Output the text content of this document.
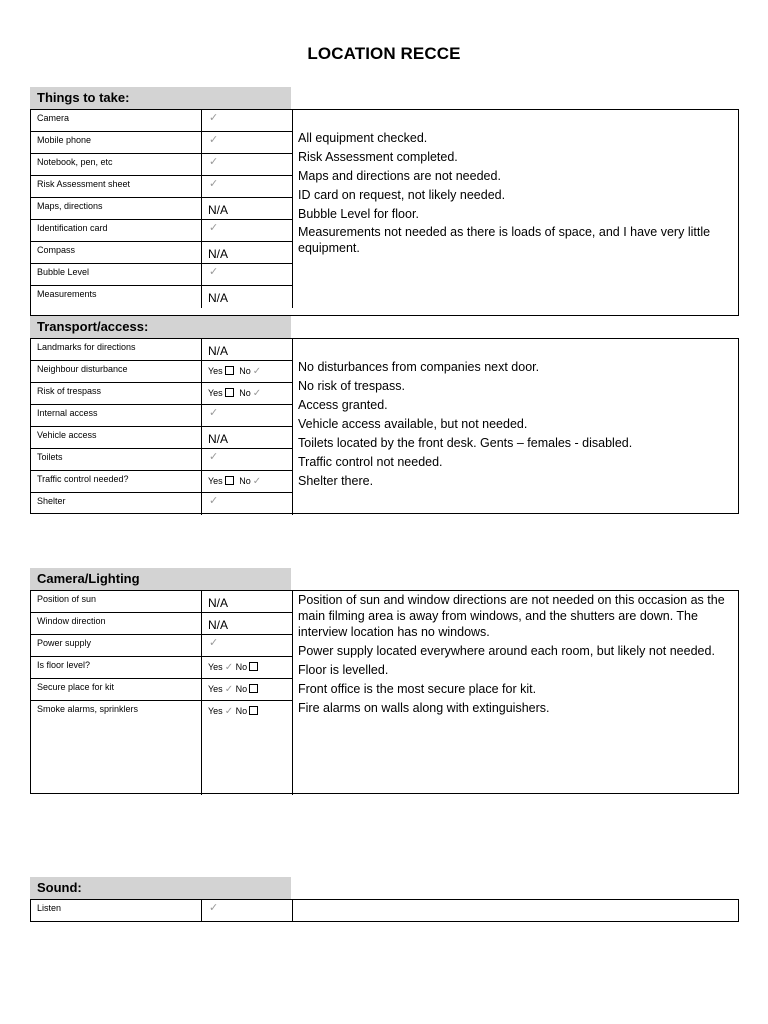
LOCATION RECCE
Things to take:
Camera
Mobile phone
Notebook, pen, etc
Risk Assessment sheet
Maps, directions
Identification card
Compass
Bubble Level
Measurements
✓
✓
✓
✓
N/A
✓
N/A
✓
N/A

All equipment checked.

Risk Assessment completed.

Maps and directions are not needed.

ID card on request, not likely needed.

Bubble Level for floor.

Measurements not needed as there is loads of space, and I have very little equipment.

Transport/access:
Landmarks for directions
Neighbour disturbance
Risk of trespass
Internal access
Vehicle access
Toilets
Traffic control needed?
Shelter
N/A
Yes No ✓
Yes No ✓
✓
N/A
✓
Yes No ✓
✓

No disturbances from companies next door.

No risk of trespass.

Access granted.

Vehicle access available, but not needed.

Toilets located by the front desk. Gents – females - disabled.

Traffic control not needed.

Shelter there.

Camera/Lighting
Position of sun
Window direction
Power supply
Is floor level?
Secure place for kit
Smoke alarms, sprinklers
N/A
N/A
✓
Yes ✓ No
Yes ✓ No
Yes ✓ No

Position of sun and window directions are not needed on this occasion as the main filming area is away from windows, and the shutters are down. The interview location has no windows.

Power supply located everywhere around each room, but likely not needed.

Floor is levelled.

Front office is the most secure place for kit.

Fire alarms on walls along with extinguishers.

Sound:
Listen	✓
